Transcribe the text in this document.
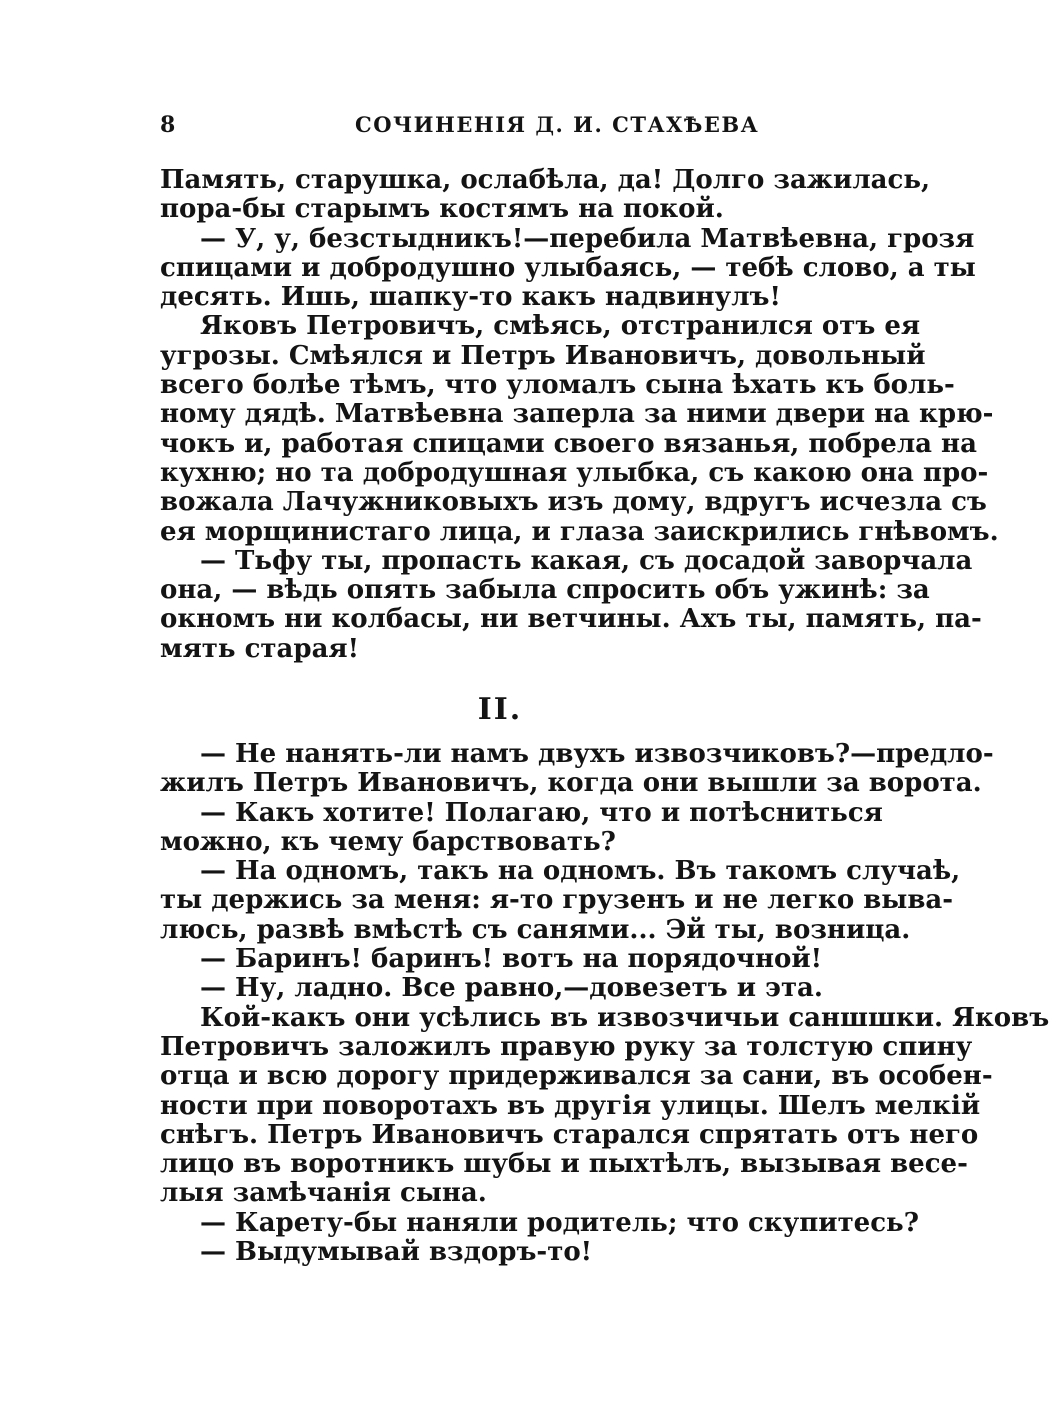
8	СОЧИНЕНІЯ Д. И. СТАХѢЕВА
Память, старушка, ослабѣла, да! Долго зажилась,
пора-бы старымъ костямъ на покой.
— У, у, безстыдникъ!—перебила Матвѣевна, грозя
спицами и добродушно улыбаясь, — тебѣ слово, а ты
десять. Ишь, шапку-то какъ надвинулъ!
Яковъ Петровичъ, смѣясь, отстранился отъ ея
угрозы. Смѣялся и Петръ Ивановичъ, довольный
всего болѣе тѣмъ, что уломалъ сына ѣхать къ боль-
ному дядѣ. Матвѣевна заперла за ними двери на крю-
чокъ и, работая спицами своего вязанья, побрела на
кухню; но та добродушная улыбка, съ какою она про-
вожала Лачужниковыхъ изъ дому, вдругъ исчезла съ
ея морщинистаго лица, и глаза заискрились гнѣвомъ.
— Тьфу ты, пропасть какая, съ досадой заворчала
она, — вѣдь опять забыла спросить объ ужинѣ: за
окномъ ни колбасы, ни ветчины. Ахъ ты, память, па-
мять старая!
II.
— Не нанять-ли намъ двухъ извозчиковъ?—предло-
жилъ Петръ Ивановичъ, когда они вышли за ворота.
— Какъ хотите! Полагаю, что и потѣсниться
можно, къ чему барствовать?
— На одномъ, такъ на одномъ. Въ такомъ случаѣ,
ты держись за меня: я-то грузенъ и не легко выва-
люсь, развѣ вмѣстѣ съ санями... Эй ты, возница.
— Баринъ! баринъ! вотъ на порядочной!
— Ну, ладно. Все равно,—довезетъ и эта.
Кой-какъ они усѣлись въ извозчичьи саншшки. Яковъ
Петровичъ заложилъ правую руку за толстую спину
отца и всю дорогу придерживался за сани, въ особен-
ности при поворотахъ въ другія улицы. Шелъ мелкій
снѣгъ. Петръ Ивановичъ старался спрятать отъ него
лицо въ воротникъ шубы и пыхтѣлъ, вызывая весе-
лыя замѣчанія сына.
— Карету-бы наняли родитель; что скупитесь?
— Выдумывай вздоръ-то!
